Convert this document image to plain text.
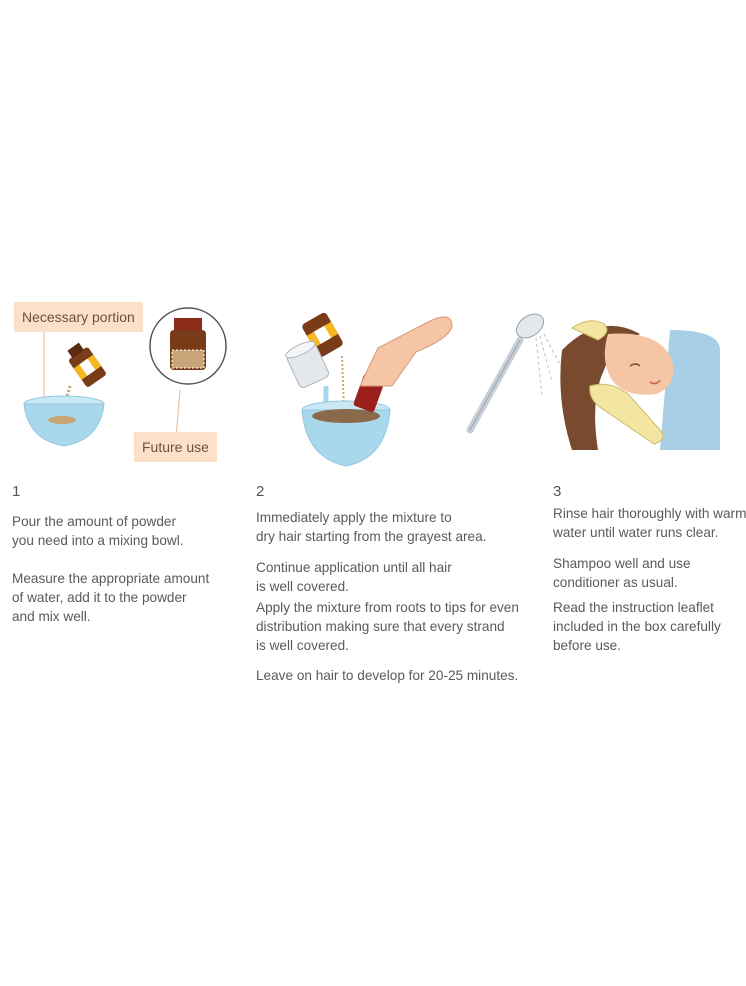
Necessary portion
Future use
1
Pour the amount of powder
you need into a mixing bowl.
Measure the appropriate amount
of water, add it to the powder
and mix well.
2
Immediately apply the mixture to
dry hair starting from the grayest area.
Continue application until all hair
is well covered.
Apply the mixture from roots to tips for even
distribution making sure that every strand
is well covered.
Leave on hair to develop for 20-25 minutes.
3
Rinse hair thoroughly with warm
water until water runs clear.
Shampoo well and use
conditioner as usual.
Read the instruction leaflet
included in the box carefully
before use.
